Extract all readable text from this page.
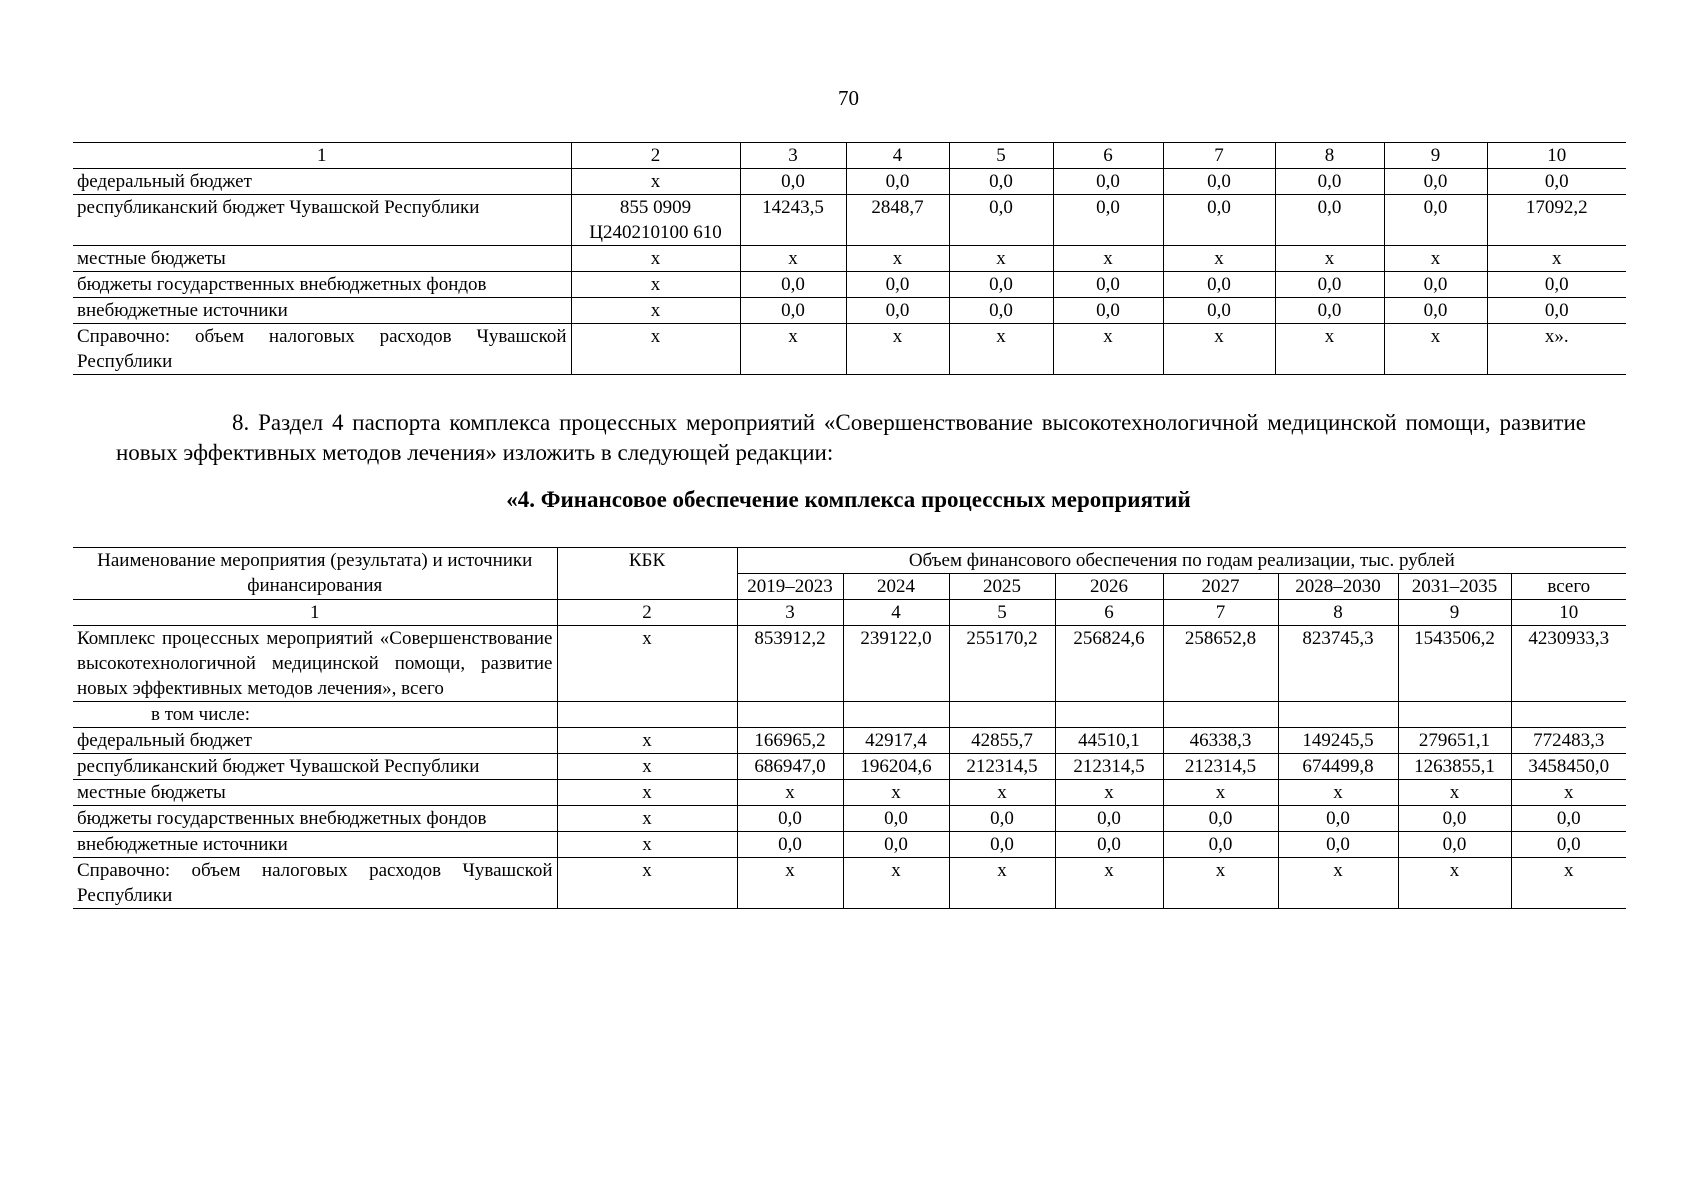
70
1	2	3	4	5	6	7	8	9	10
федеральный бюджет	х	0,0	0,0	0,0	0,0	0,0	0,0	0,0	0,0
республиканский бюджет Чувашской Республики	855 0909 Ц240210100 610	14243,5	2848,7	0,0	0,0	0,0	0,0	0,0	17092,2
местные бюджеты	х	х	х	х	х	х	х	х	х
бюджеты государственных внебюджетных фондов	х	0,0	0,0	0,0	0,0	0,0	0,0	0,0	0,0
внебюджетные источники	х	0,0	0,0	0,0	0,0	0,0	0,0	0,0	0,0
Справочно: объем налоговых расходов Чувашской Республики	х	х	х	х	х	х	х	х	х».
8. Раздел 4 паспорта комплекса процессных мероприятий «Совершенствование высокотехнологичной медицинской помощи, развитие новых эффективных методов лечения» изложить в следующей редакции:
«4. Финансовое обеспечение комплекса процессных мероприятий
Наименование мероприятия (результата) и источники финансирования	КБК	Объем финансового обеспечения по годам реализации, тыс. рублей							
		2019–2023	2024	2025	2026	2027	2028–2030	2031–2035	всего
1	2	3	4	5	6	7	8	9	10
Комплекс процессных мероприятий «Совершенствование высокотехнологичной медицинской помощи, развитие новых эффективных методов лечения», всего	х	853912,2	239122,0	255170,2	256824,6	258652,8	823745,3	1543506,2	4230933,3
в том числе:									
федеральный бюджет	х	166965,2	42917,4	42855,7	44510,1	46338,3	149245,5	279651,1	772483,3
республиканский бюджет Чувашской Республики	х	686947,0	196204,6	212314,5	212314,5	212314,5	674499,8	1263855,1	3458450,0
местные бюджеты	х	х	х	х	х	х	х	х	х
бюджеты государственных внебюджетных фондов	х	0,0	0,0	0,0	0,0	0,0	0,0	0,0	0,0
внебюджетные источники	х	0,0	0,0	0,0	0,0	0,0	0,0	0,0	0,0
Справочно: объем налоговых расходов Чувашской Республики	х	х	х	х	х	х	х	х	х
